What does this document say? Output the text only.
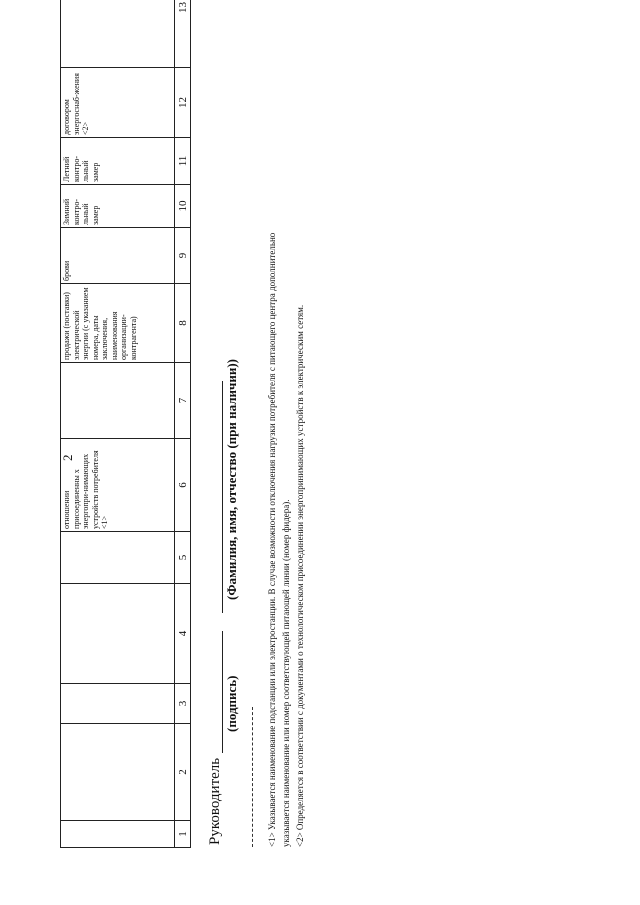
2
					отношении присоединенны х энергопри-нимающих устройств потребителя <1>		продажи (поставки) электрической энергии (с указанием номера, даты заключения, наименования организации-контрагента)	брови	Зимний контро-льный замер	Летний контро-льный замер	договором энергоснаб-жения <2>	
1	2	3	4	5	6	7	8	9	10	11	12	13
Руководитель
(подпись)
(Фамилия, имя, отчество (при наличии))	<1> Указывается наименование подстанции или электростанции. В случае возможности отключения нагрузки потребителя с питающего центра дополнительно указывается наименование или номер соответствующей питающей линии (номер фидера). <2> Определяется в соответствии с документами о технологическом присоединении энергопринимающих устройств к электрическим сетям.
